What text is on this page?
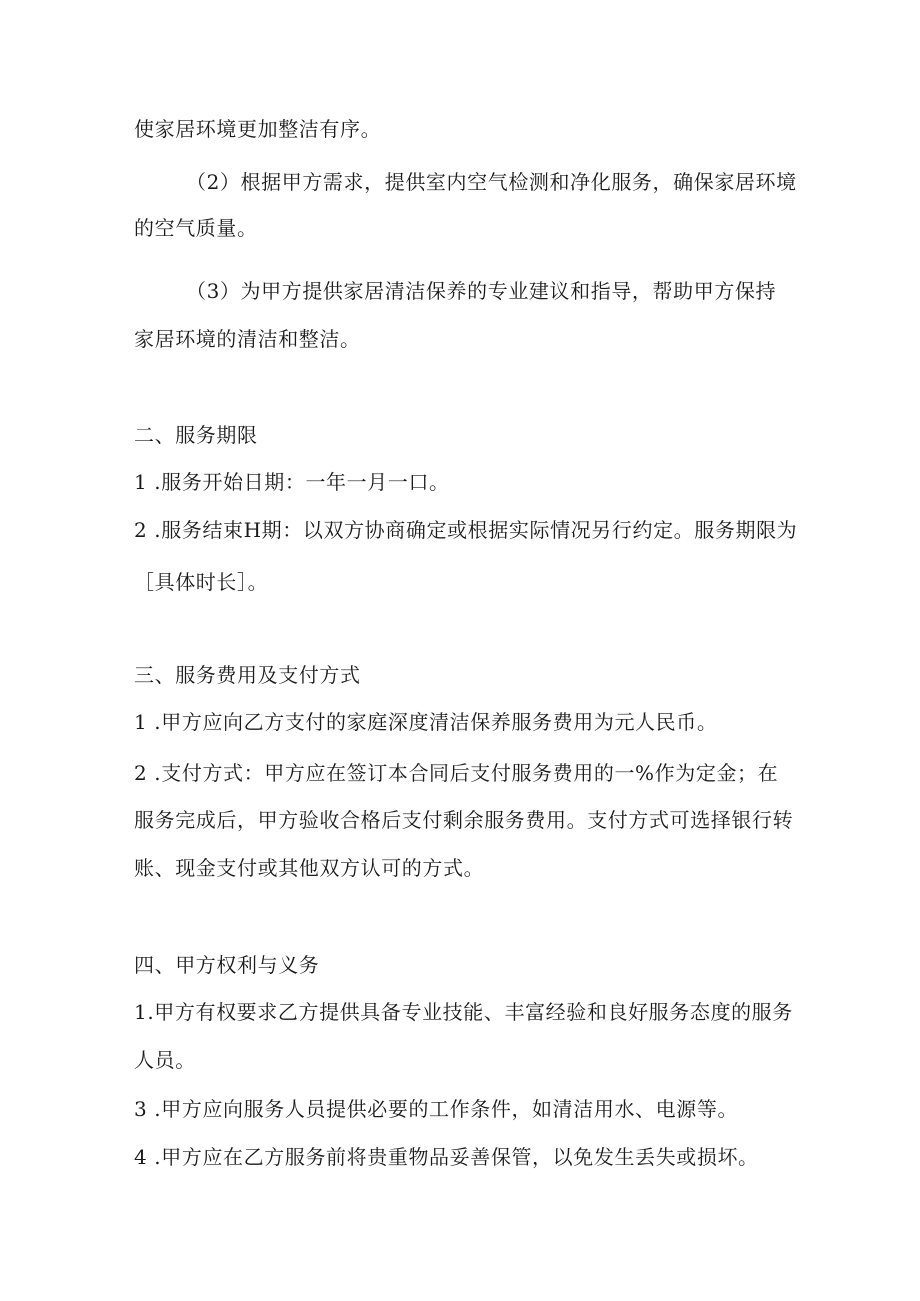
使家居环境更加整洁有序。
（2）根据甲方需求，提供室内空气检测和净化服务，确保家居环境
的空气质量。
（3）为甲方提供家居清洁保养的专业建议和指导，帮助甲方保持
家居环境的清洁和整洁。
二、服务期限
1 .服务开始日期：一年一月一口。
2 .服务结束H期：以双方协商确定或根据实际情况另行约定。服务期限为
［具体时长］。
三、服务费用及支付方式
1 .甲方应向乙方支付的家庭深度清洁保养服务费用为元人民币。
2 .支付方式：甲方应在签订本合同后支付服务费用的一%作为定金；在
服务完成后，甲方验收合格后支付剩余服务费用。支付方式可选择银行转
账、现金支付或其他双方认可的方式。
四、甲方权利与义务
1.甲方有权要求乙方提供具备专业技能、丰富经验和良好服务态度的服务
人员。
3 .甲方应向服务人员提供必要的工作条件，如清洁用水、电源等。
4 .甲方应在乙方服务前将贵重物品妥善保管，以免发生丢失或损坏。
